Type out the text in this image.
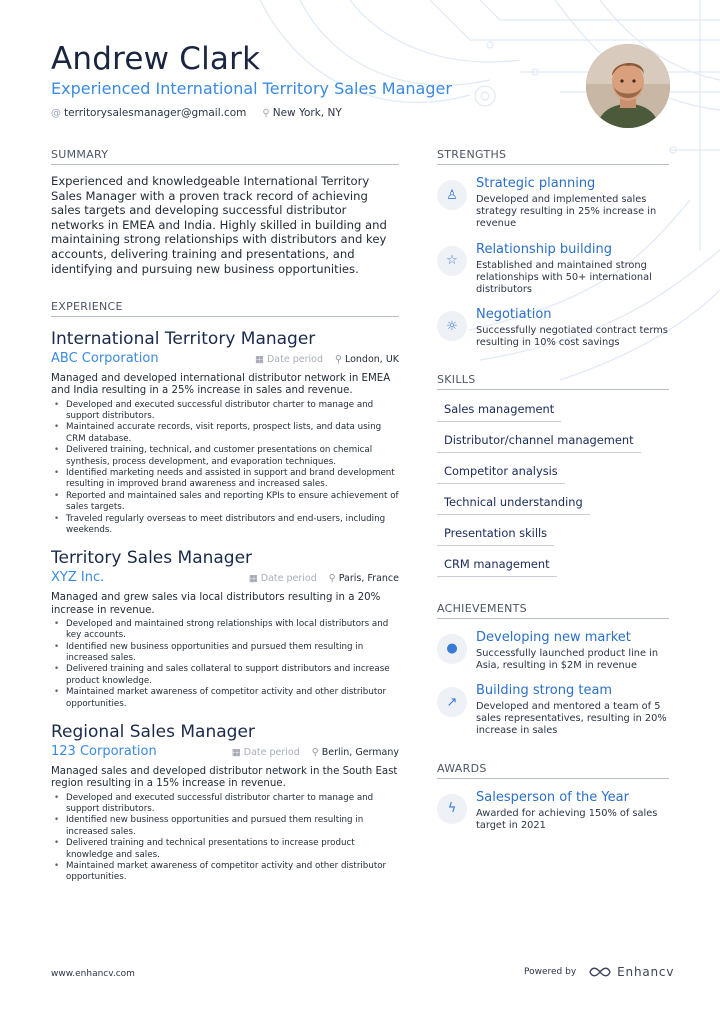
Andrew Clark
Experienced International Territory Sales Manager
@ territorysalesmanager@gmail.com ⚲ New York, NY
SUMMARY

Experienced and knowledgeable International Territory Sales Manager with a proven track record of achieving sales targets and developing successful distributor networks in EMEA and India. Highly skilled in building and maintaining strong relationships with distributors and key accounts, delivering training and presentations, and identifying and pursuing new business opportunities.

EXPERIENCE
International Territory Manager
ABC Corporation	▦ Date period ⚲ London, UK

Managed and developed international distributor network in EMEA and India resulting in a 25% increase in sales and revenue.

• Developed and executed successful distributor charter to manage and support distributors.
• Maintained accurate records, visit reports, prospect lists, and data using CRM database.
• Delivered training, technical, and customer presentations on chemical synthesis, process development, and evaporation techniques.
• Identified marketing needs and assisted in support and brand development resulting in improved brand awareness and increased sales.
• Reported and maintained sales and reporting KPIs to ensure achievement of sales targets.
• Traveled regularly overseas to meet distributors and end-users, including weekends.
Territory Sales Manager
XYZ Inc.	▦ Date period ⚲ Paris, France

Managed and grew sales via local distributors resulting in a 20% increase in revenue.

• Developed and maintained strong relationships with local distributors and key accounts.
• Identified new business opportunities and pursued them resulting in increased sales.
• Delivered training and sales collateral to support distributors and increase product knowledge.
• Maintained market awareness of competitor activity and other distributor opportunities.
Regional Sales Manager
123 Corporation	▦ Date period ⚲ Berlin, Germany

Managed sales and developed distributor network in the South East region resulting in a 15% increase in revenue.

• Developed and executed successful distributor charter to manage and support distributors.
• Identified new business opportunities and pursued them resulting in increased sales.
• Delivered training and technical presentations to increase product knowledge and sales.
• Maintained market awareness of competitor activity and other distributor opportunities.
STRENGTHS
♙
Strategic planning
Developed and implemented sales strategy resulting in 25% increase in revenue
☆
Relationship building
Established and maintained strong relationships with 50+ international distributors
☼
Negotiation
Successfully negotiated contract terms resulting in 10% cost savings
SKILLS
Sales management
Distributor/channel management
Competitor analysis
Technical understanding
Presentation skills
CRM management
ACHIEVEMENTS
●
Developing new market
Successfully launched product line in Asia, resulting in $2M in revenue
↗
Building strong team
Developed and mentored a team of 5 sales representatives, resulting in 20% increase in sales
AWARDS
ϟ
Salesperson of the Year
Awarded for achieving 150% of sales target in 2021
www.enhancv.com	Powered by	Enhancv
